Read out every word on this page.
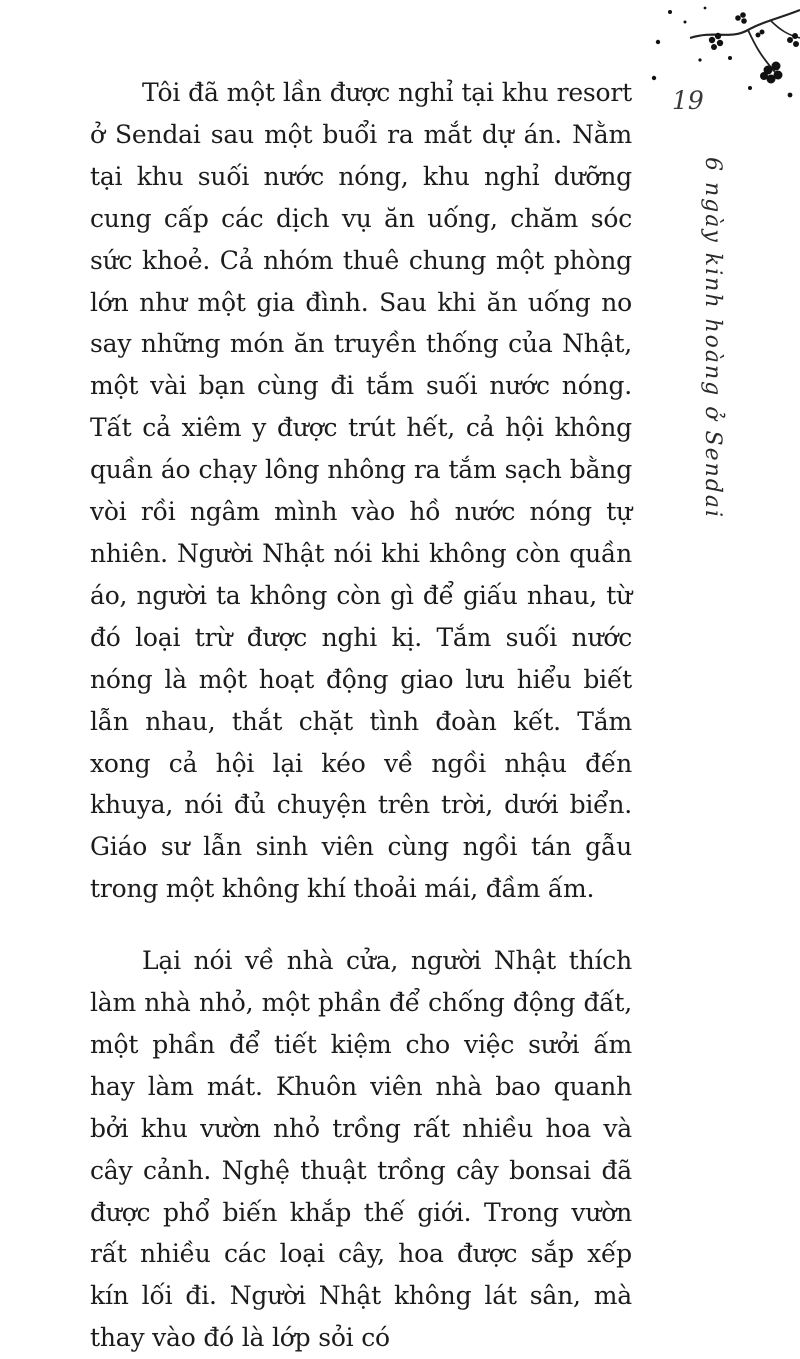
19
6 ngày kinh hoàng ở Sendai

Tôi đã một lần được nghỉ tại khu resort ở Sendai sau một buổi ra mắt dự án. Nằm tại khu suối nước nóng, khu nghỉ dưỡng cung cấp các dịch vụ ăn uống, chăm sóc sức khoẻ. Cả nhóm thuê chung một phòng lớn như một gia đình. Sau khi ăn uống no say những món ăn truyền thống của Nhật, một vài bạn cùng đi tắm suối nước nóng. Tất cả xiêm y được trút hết, cả hội không quần áo chạy lông nhông ra tắm sạch bằng vòi rồi ngâm mình vào hồ nước nóng tự nhiên. Người Nhật nói khi không còn quần áo, người ta không còn gì để giấu nhau, từ đó loại trừ được nghi kị. Tắm suối nước nóng là một hoạt động giao lưu hiểu biết lẫn nhau, thắt chặt tình đoàn kết. Tắm xong cả hội lại kéo về ngồi nhậu đến khuya, nói đủ chuyện trên trời, dưới biển. Giáo sư lẫn sinh viên cùng ngồi tán gẫu trong một không khí thoải mái, đầm ấm.

Lại nói về nhà cửa, người Nhật thích làm nhà nhỏ, một phần để chống động đất, một phần để tiết kiệm cho việc sưởi ấm hay làm mát. Khuôn viên nhà bao quanh bởi khu vườn nhỏ trồng rất nhiều hoa và cây cảnh. Nghệ thuật trồng cây bonsai đã được phổ biến khắp thế giới. Trong vườn rất nhiều các loại cây, hoa được sắp xếp kín lối đi. Người Nhật không lát sân, mà thay vào đó là lớp sỏi có
